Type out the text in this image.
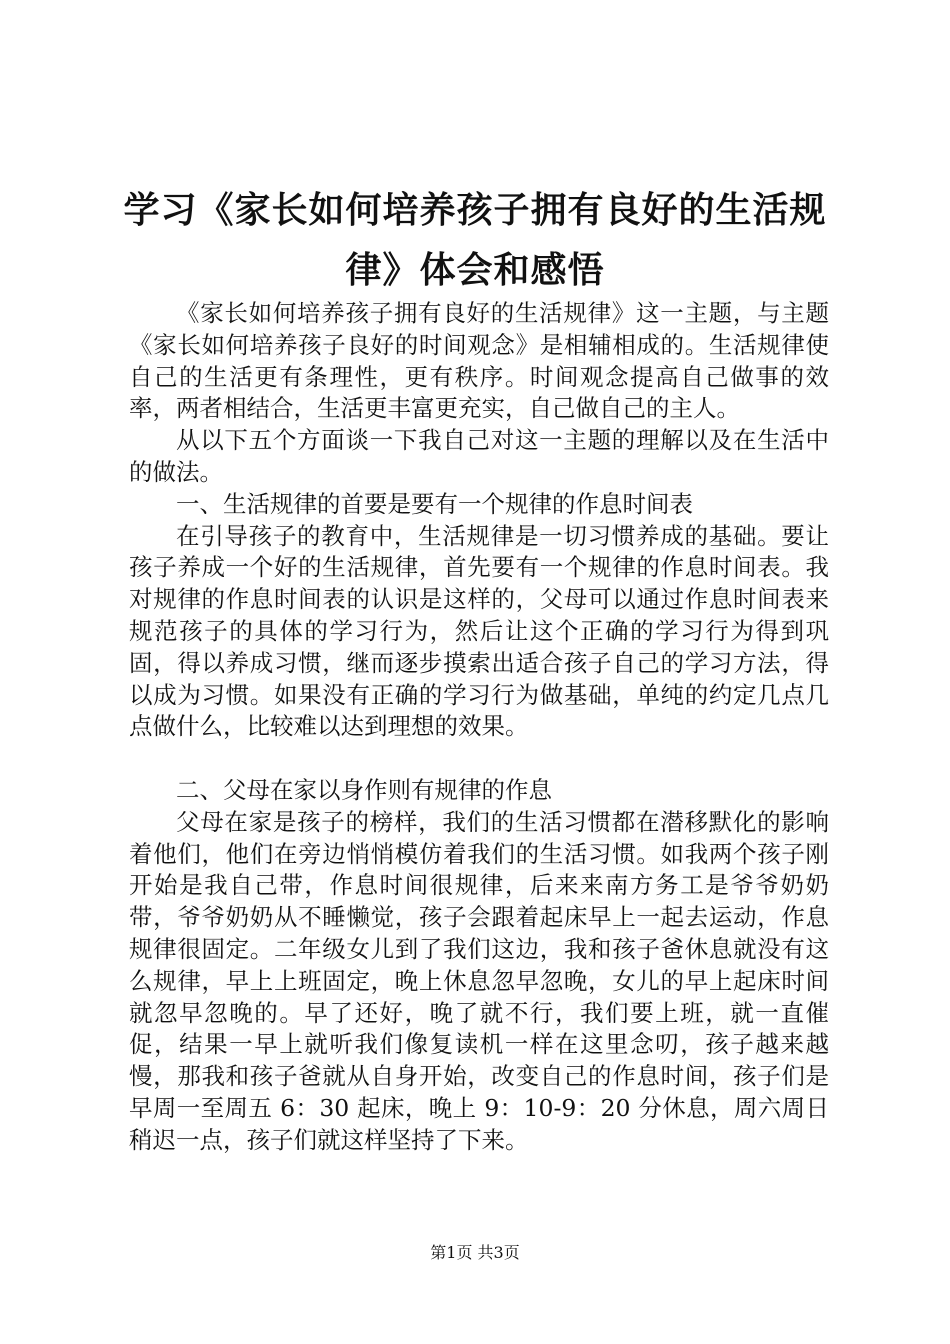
学习《家长如何培养孩子拥有良好的生活规
律》体会和感悟

《家长如何培养孩子拥有良好的生活规律》这一主题，与主题《家长如何培养孩子良好的时间观念》是相辅相成的。生活规律使自己的生活更有条理性，更有秩序。时间观念提高自己做事的效率，两者相结合，生活更丰富更充实，自己做自己的主人。

从以下五个方面谈一下我自己对这一主题的理解以及在生活中的做法。

一、生活规律的首要是要有一个规律的作息时间表

在引导孩子的教育中，生活规律是一切习惯养成的基础。要让孩子养成一个好的生活规律，首先要有一个规律的作息时间表。我对规律的作息时间表的认识是这样的，父母可以通过作息时间表来规范孩子的具体的学习行为，然后让这个正确的学习行为得到巩固，得以养成习惯，继而逐步摸索出适合孩子自己的学习方法，得以成为习惯。如果没有正确的学习行为做基础，单纯的约定几点几点做什么，比较难以达到理想的效果。

二、父母在家以身作则有规律的作息

父母在家是孩子的榜样，我们的生活习惯都在潜移默化的影响着他们，他们在旁边悄悄模仿着我们的生活习惯。如我两个孩子刚开始是我自己带，作息时间很规律，后来来南方务工是爷爷奶奶带，爷爷奶奶从不睡懒觉，孩子会跟着起床早上一起去运动，作息规律很固定。二年级女儿到了我们这边，我和孩子爸休息就没有这么规律，早上上班固定，晚上休息忽早忽晚，女儿的早上起床时间就忽早忽晚的。早了还好，晚了就不行，我们要上班，就一直催促，结果一早上就听我们像复读机一样在这里念叨，孩子越来越慢，那我和孩子爸就从自身开始，改变自己的作息时间，孩子们是早周一至周五 6：30 起床，晚上 9：10-9：20 分休息，周六周日稍迟一点，孩子们就这样坚持了下来。

第1页 共3页
